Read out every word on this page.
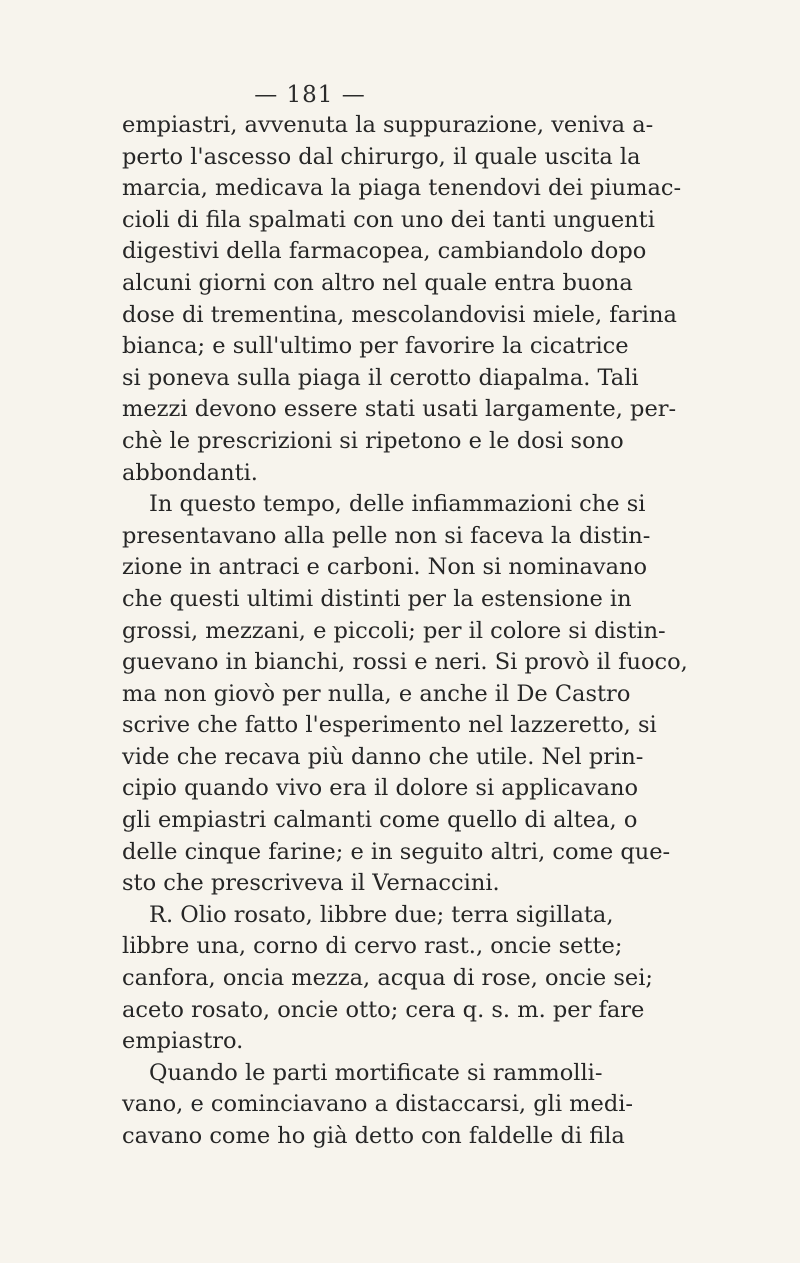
— 181 —
empiastri, avvenuta la suppurazione, veniva a-
perto l'ascesso dal chirurgo, il quale uscita la
marcia, medicava la piaga tenendovi dei piumac-
cioli di fila spalmati con uno dei tanti unguenti
digestivi della farmacopea, cambiandolo dopo
alcuni giorni con altro nel quale entra buona
dose di trementina, mescolandovisi miele, farina
bianca; e sull'ultimo per favorire la cicatrice
si poneva sulla piaga il cerotto diapalma. Tali
mezzi devono essere stati usati largamente, per-
chè le prescrizioni si ripetono e le dosi sono
abbondanti.
In questo tempo, delle infiammazioni che si
presentavano alla pelle non si faceva la distin-
zione in antraci e carboni. Non si nominavano
che questi ultimi distinti per la estensione in
grossi, mezzani, e piccoli; per il colore si distin-
guevano in bianchi, rossi e neri. Si provò il fuoco,
ma non giovò per nulla, e anche il De Castro
scrive che fatto l'esperimento nel lazzeretto, si
vide che recava più danno che utile. Nel prin-
cipio quando vivo era il dolore si applicavano
gli empiastri calmanti come quello di altea, o
delle cinque farine; e in seguito altri, come que-
sto che prescriveva il Vernaccini.
R. Olio rosato, libbre due; terra sigillata,
libbre una, corno di cervo rast., oncie sette;
canfora, oncia mezza, acqua di rose, oncie sei;
aceto rosato, oncie otto; cera q. s. m. per fare
empiastro.
Quando le parti mortificate si rammolli-
vano, e cominciavano a distaccarsi, gli medi-
cavano come ho già detto con faldelle di fila
